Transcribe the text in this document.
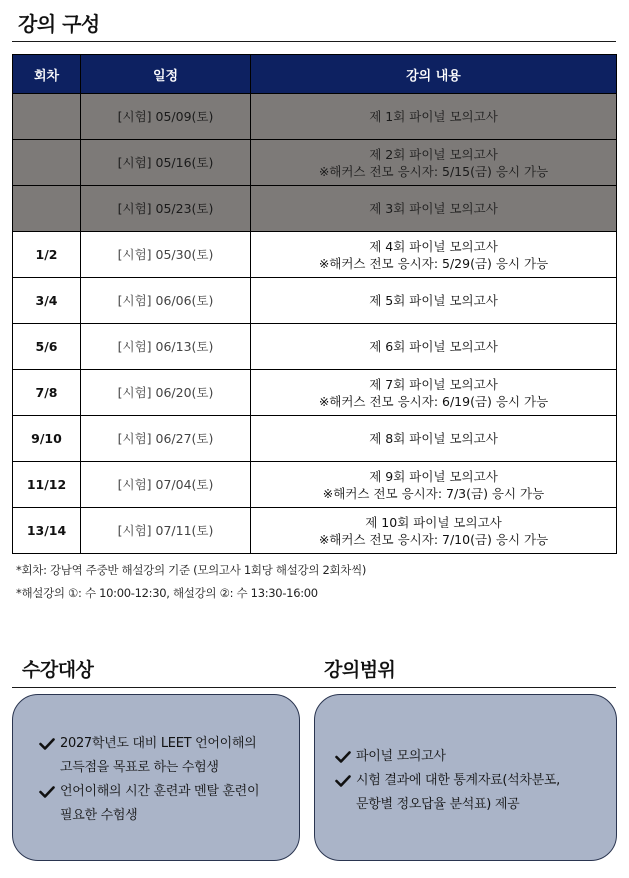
강의 구성
회차	일정	강의 내용
	[시험] 05/09(토)	제 1회 파이널 모의고사

	[시험] 05/16(토)	제 2회 파이널 모의고사
※해커스 전모 응시자: 5/15(금) 응시 가능

	[시험] 05/23(토)	제 3회 파이널 모의고사

1/2	[시험] 05/30(토)	제 4회 파이널 모의고사
※해커스 전모 응시자: 5/29(금) 응시 가능

3/4	[시험] 06/06(토)	제 5회 파이널 모의고사

5/6	[시험] 06/13(토)	제 6회 파이널 모의고사

7/8	[시험] 06/20(토)	제 7회 파이널 모의고사
※해커스 전모 응시자: 6/19(금) 응시 가능

9/10	[시험] 06/27(토)	제 8회 파이널 모의고사

11/12	[시험] 07/04(토)	제 9회 파이널 모의고사
※해커스 전모 응시자: 7/3(금) 응시 가능

13/14	[시험] 07/11(토)	제 10회 파이널 모의고사
※해커스 전모 응시자: 7/10(금) 응시 가능
*회차: 강남역 주중반 해설강의 기준 (모의고사 1회당 해설강의 2회차씩)
*해설강의 ①: 수 10:00-12:30, 해설강의 ②: 수 13:30-16:00
수강대상	강의범위
2027학년도 대비 LEET 언어이해의
고득점을 목표로 하는 수험생
언어이해의 시간 훈련과 멘탈 훈련이
필요한 수험생
파이널 모의고사
시험 결과에 대한 통계자료(석차분포,
문항별 정오답율 분석표) 제공
